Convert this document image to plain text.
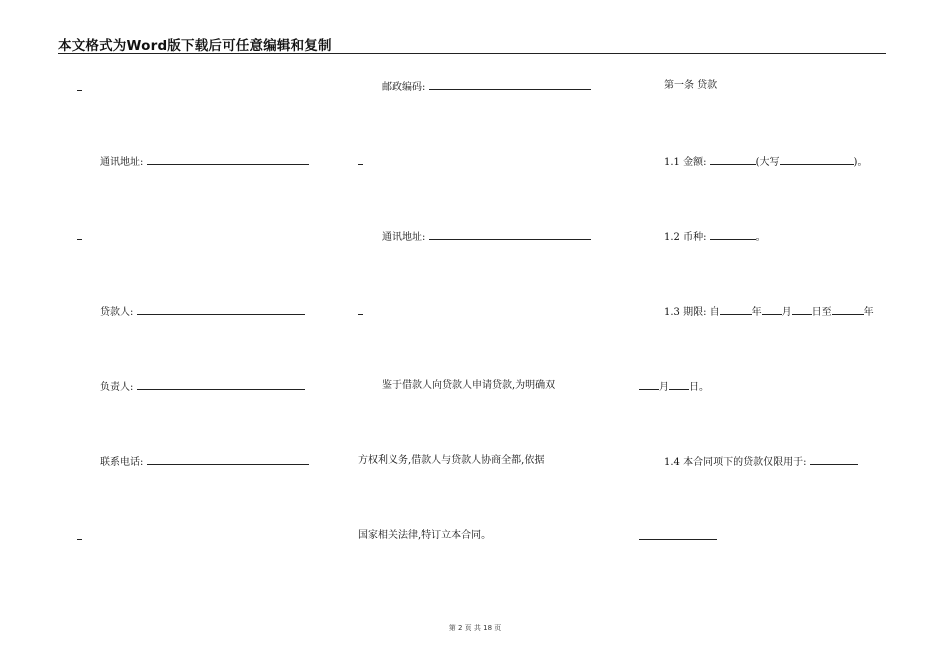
本文格式为Word版下载后可任意编辑和复制
通讯地址:
贷款人:
负责人:
联系电话:
邮政编码:
通讯地址:
鉴于借款人向贷款人申请贷款,为明确双
方权利义务,借款人与贷款人协商全都,依据
国家相关法律,特订立本合同。
第一条 贷款
1.1 金额:	(大写	)。
1.2 币种:	。
1.3 期限: 自	年 月 日至	年
月 日。
1.4 本合同项下的贷款仅限用于:
第 2 页 共 18 页
